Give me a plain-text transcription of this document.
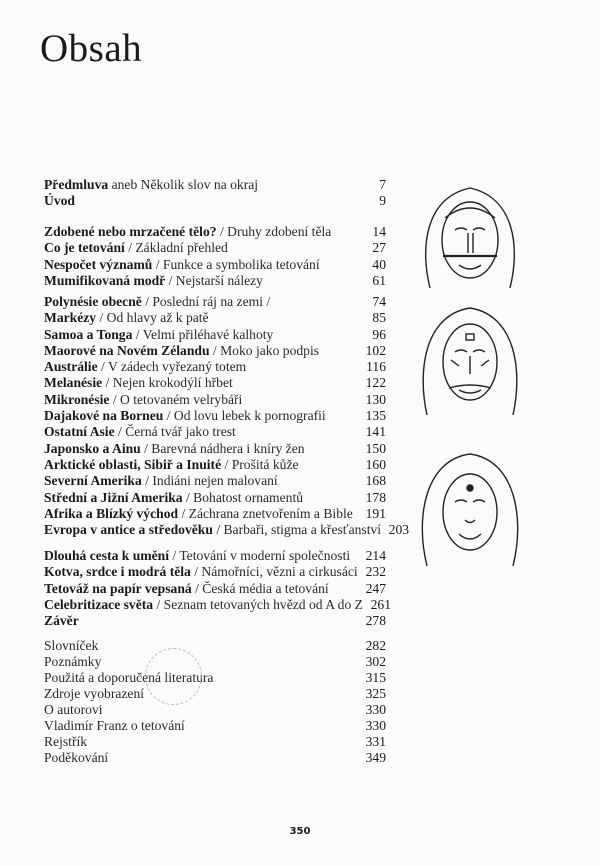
Obsah
Předmluva aneb Několik slov na okraj	7
Úvod	9
Zdobené nebo mrzačené tělo? / Druhy zdobení těla	14
Co je tetování / Základní přehled	27
Nespočet významů / Funkce a symbolika tetování	40
Mumifikovaná modř / Nejstarší nálezy	61
Polynésie obecně / Poslední ráj na zemi /	74
Markézy / Od hlavy až k patě	85
Samoa a Tonga / Velmi přiléhavé kalhoty	96
Maorové na Novém Zélandu / Moko jako podpis	102
Austrálie / V zádech vyřezaný totem	116
Melanésie / Nejen krokodýlí hřbet	122
Mikronésie / O tetovaném velrybáři	130
Dajakové na Borneu / Od lovu lebek k pornografii	135
Ostatní Asie / Černá tvář jako trest	141
Japonsko a Ainu / Barevná nádhera i kníry žen	150
Arktické oblasti, Sibiř a Inuité / Prošitá kůže	160
Severní Amerika / Indiáni nejen malovaní	168
Střední a Jižní Amerika / Bohatost ornamentů	178
Afrika a Blízký východ / Záchrana znetvořením a Bible 191
Evropa v antice a středověku / Barbaři, stigma a křesťanství 203
Dlouhá cesta k umění / Tetování v moderní společnosti	214
Kotva, srdce i modrá těla / Námořníci, vězni a cirkusáci 232
Tetováž na papír vepsaná / Česká média a tetování	247
Celebritizace světa / Seznam tetovaných hvězd od A do Z 261
Závěr	278
Slovníček	282
Poznámky	302
Použitá a doporučená literatura	315
Zdroje vyobrazení	325
O autorovi	330
Vladimír Franz o tetování	330
Rejstřík	331
Poděkování	349
350
